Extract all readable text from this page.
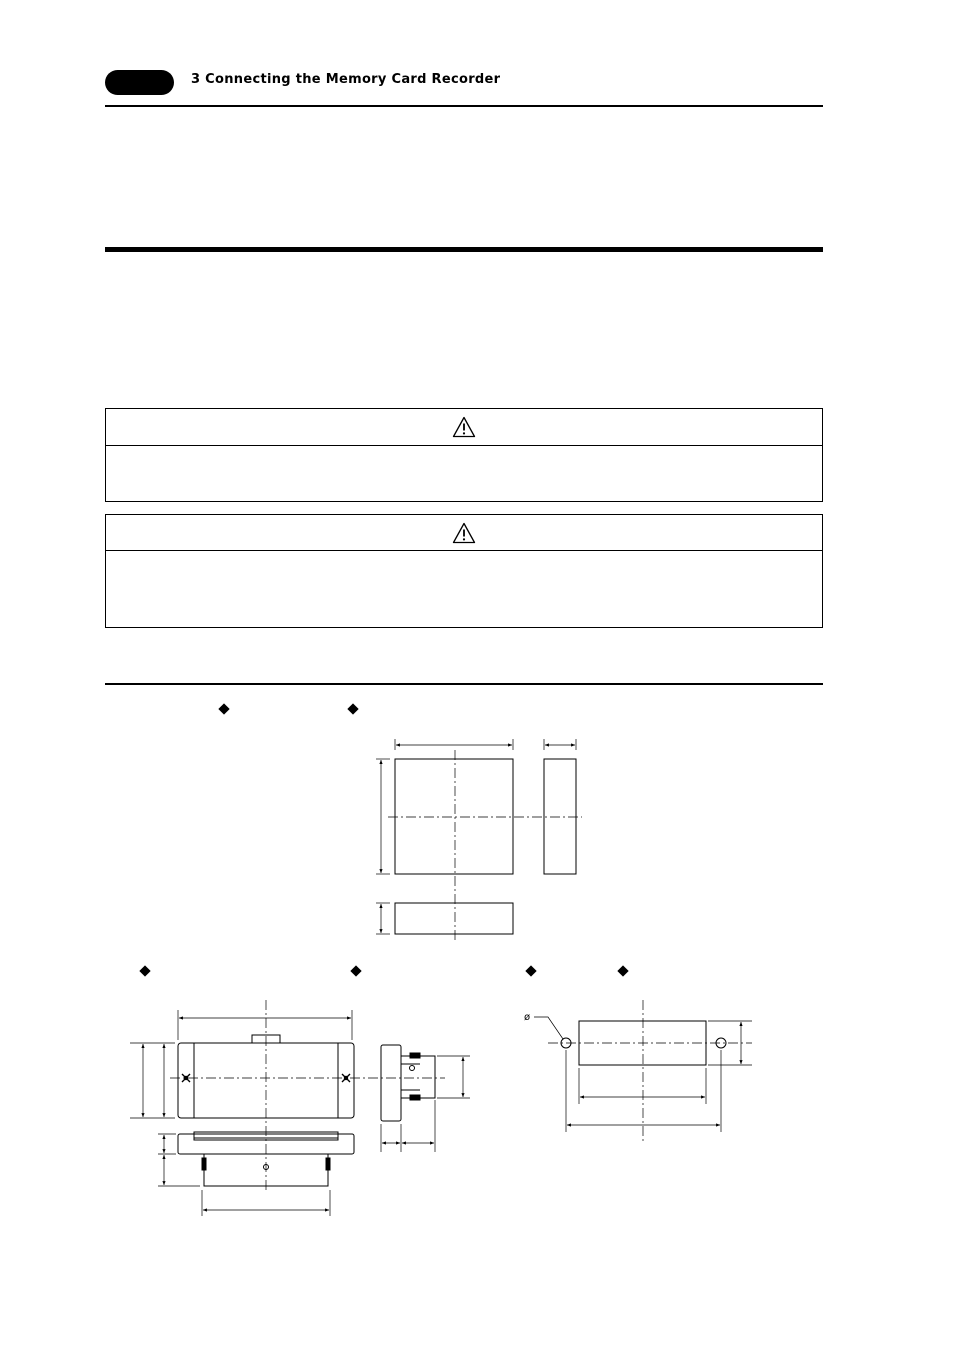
3 Connecting the Memory Card Recorder
ø
